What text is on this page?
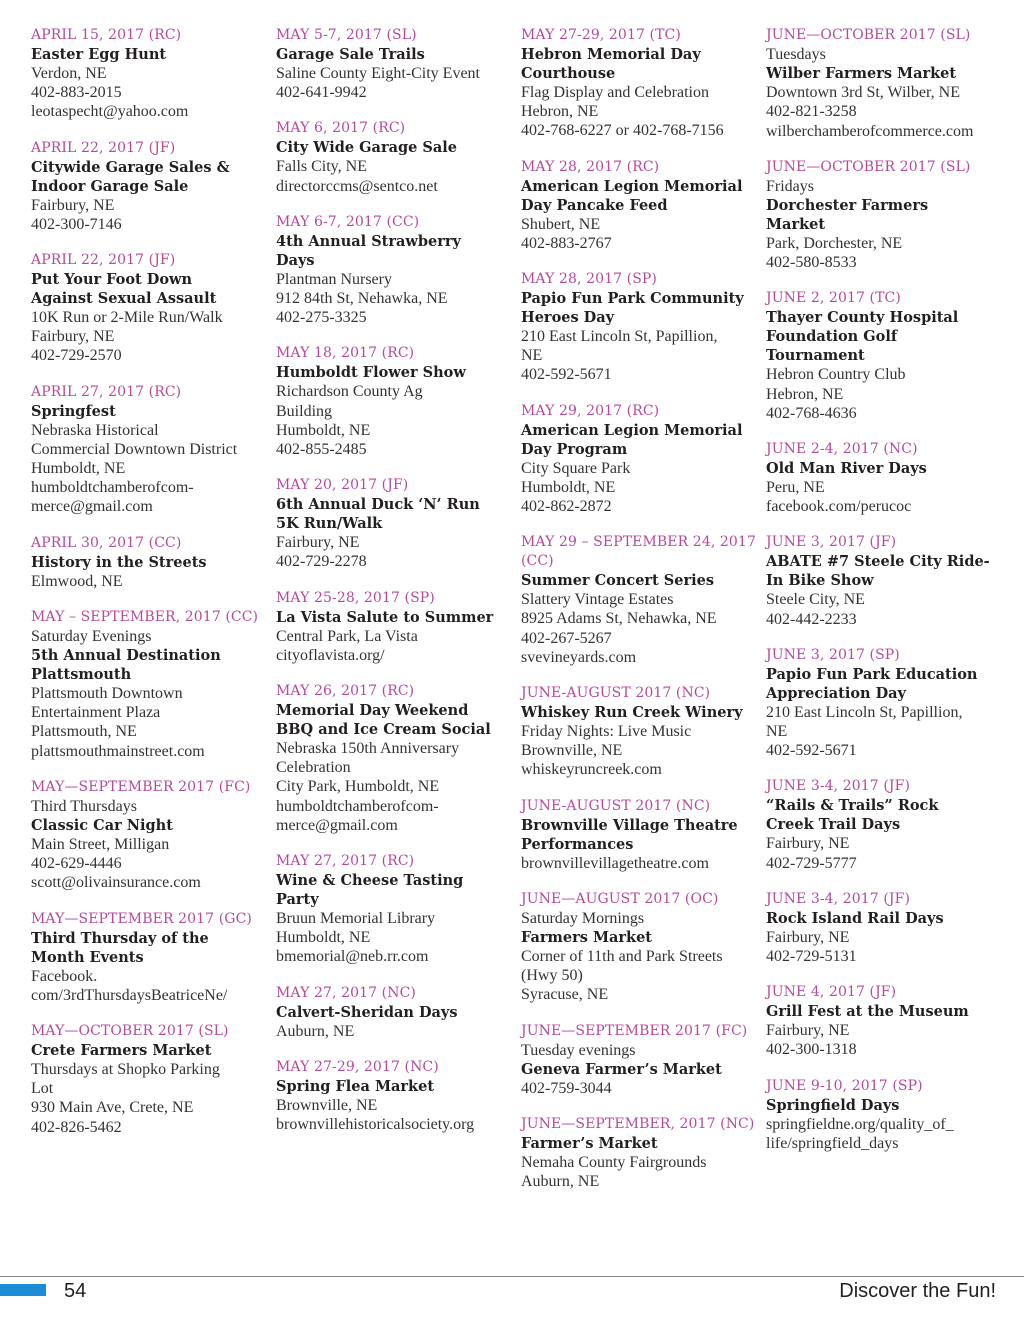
APRIL 15, 2017 (RC)
Easter Egg Hunt
Verdon, NE
402-883-2015
leotaspecht@yahoo.com
APRIL 22, 2017 (JF)
Citywide Garage Sales &
Indoor Garage Sale
Fairbury, NE
402-300-7146
APRIL 22, 2017 (JF)
Put Your Foot Down
Against Sexual Assault
10K Run or 2-Mile Run/Walk
Fairbury, NE
402-729-2570
APRIL 27, 2017 (RC)
Springfest
Nebraska Historical
Commercial Downtown District
Humboldt, NE
humboldtchamberofcom-
merce@gmail.com
APRIL 30, 2017 (CC)
History in the Streets
Elmwood, NE
MAY – SEPTEMBER, 2017 (CC)
Saturday Evenings
5th Annual Destination
Plattsmouth
Plattsmouth Downtown
Entertainment Plaza
Plattsmouth, NE
plattsmouthmainstreet.com
MAY—SEPTEMBER 2017 (FC)
Third Thursdays
Classic Car Night
Main Street, Milligan
402-629-4446
scott@olivainsurance.com
MAY—SEPTEMBER 2017 (GC)
Third Thursday of the
Month Events
Facebook.
com/3rdThursdaysBeatriceNe/
MAY—OCTOBER 2017 (SL)
Crete Farmers Market
Thursdays at Shopko Parking
Lot
930 Main Ave, Crete, NE
402-826-5462
MAY 5-7, 2017 (SL)
Garage Sale Trails
Saline County Eight-City Event
402-641-9942
MAY 6, 2017 (RC)
City Wide Garage Sale
Falls City, NE
directorccms@sentco.net
MAY 6-7, 2017 (CC)
4th Annual Strawberry
Days
Plantman Nursery
912 84th St, Nehawka, NE
402-275-3325
MAY 18, 2017 (RC)
Humboldt Flower Show
Richardson County Ag
Building
Humboldt, NE
402-855-2485
MAY 20, 2017 (JF)
6th Annual Duck ‘N’ Run
5K Run/Walk
Fairbury, NE
402-729-2278
MAY 25-28, 2017 (SP)
La Vista Salute to Summer
Central Park, La Vista
cityoflavista.org/
MAY 26, 2017 (RC)
Memorial Day Weekend
BBQ and Ice Cream Social
Nebraska 150th Anniversary
Celebration
City Park, Humboldt, NE
humboldtchamberofcom-
merce@gmail.com
MAY 27, 2017 (RC)
Wine & Cheese Tasting
Party
Bruun Memorial Library
Humboldt, NE
bmemorial@neb.rr.com
MAY 27, 2017 (NC)
Calvert-Sheridan Days
Auburn, NE
MAY 27-29, 2017 (NC)
Spring Flea Market
Brownville, NE
brownvillehistoricalsociety.org
MAY 27-29, 2017 (TC)
Hebron Memorial Day
Courthouse
Flag Display and Celebration
Hebron, NE
402-768-6227 or 402-768-7156
MAY 28, 2017 (RC)
American Legion Memorial
Day Pancake Feed
Shubert, NE
402-883-2767
MAY 28, 2017 (SP)
Papio Fun Park Community
Heroes Day
210 East Lincoln St, Papillion,
NE
402-592-5671
MAY 29, 2017 (RC)
American Legion Memorial
Day Program
City Square Park
Humboldt, NE
402-862-2872
MAY 29 – SEPTEMBER 24, 2017 (CC)
Summer Concert Series
Slattery Vintage Estates
8925 Adams St, Nehawka, NE
402-267-5267
svevineyards.com
JUNE-AUGUST 2017 (NC)
Whiskey Run Creek Winery
Friday Nights: Live Music
Brownville, NE
whiskeyruncreek.com
JUNE-AUGUST 2017 (NC)
Brownville Village Theatre
Performances
brownvillevillagetheatre.com
JUNE—AUGUST 2017 (OC)
Saturday Mornings
Farmers Market
Corner of 11th and Park Streets
(Hwy 50)
Syracuse, NE
JUNE—SEPTEMBER 2017 (FC)
Tuesday evenings
Geneva Farmer’s Market
402-759-3044
JUNE—SEPTEMBER, 2017 (NC)
Farmer’s Market
Nemaha County Fairgrounds
Auburn, NE
JUNE—OCTOBER 2017 (SL)
Tuesdays
Wilber Farmers Market
Downtown 3rd St, Wilber, NE
402-821-3258
wilberchamberofcommerce.com
JUNE—OCTOBER 2017 (SL)
Fridays
Dorchester Farmers
Market
Park, Dorchester, NE
402-580-8533
JUNE 2, 2017 (TC)
Thayer County Hospital
Foundation Golf
Tournament
Hebron Country Club
Hebron, NE
402-768-4636
JUNE 2-4, 2017 (NC)
Old Man River Days
Peru, NE
facebook.com/perucoc
JUNE 3, 2017 (JF)
ABATE #7 Steele City Ride-
In Bike Show
Steele City, NE
402-442-2233
JUNE 3, 2017 (SP)
Papio Fun Park Education
Appreciation Day
210 East Lincoln St, Papillion,
NE
402-592-5671
JUNE 3-4, 2017 (JF)
“Rails & Trails” Rock
Creek Trail Days
Fairbury, NE
402-729-5777
JUNE 3-4, 2017 (JF)
Rock Island Rail Days
Fairbury, NE
402-729-5131
JUNE 4, 2017 (JF)
Grill Fest at the Museum
Fairbury, NE
402-300-1318
JUNE 9-10, 2017 (SP)
Springfield Days
springfieldne.org/quality_of_
life/springfield_days
54	Discover the Fun!
